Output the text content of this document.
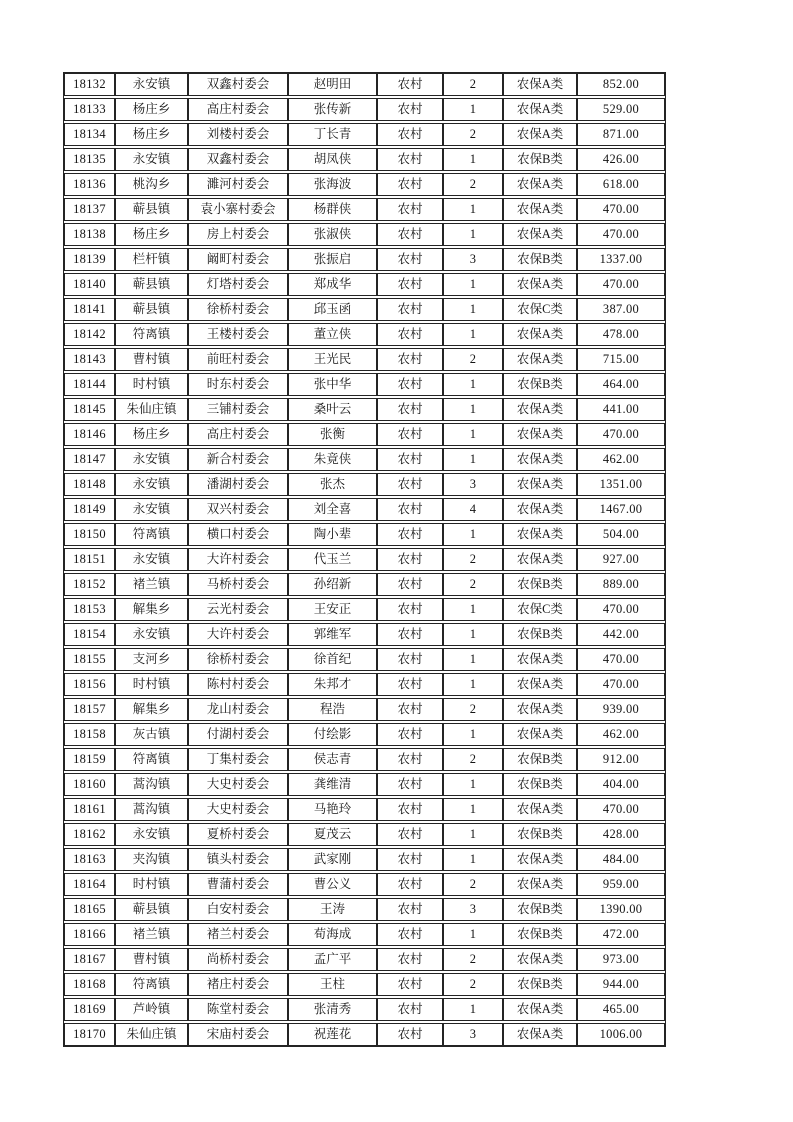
18132	永安镇	双鑫村委会	赵明田	农村	2	农保A类	852.00
18133	杨庄乡	高庄村委会	张传新	农村	1	农保A类	529.00
18134	杨庄乡	刘楼村委会	丁长青	农村	2	农保A类	871.00
18135	永安镇	双鑫村委会	胡凤侠	农村	1	农保B类	426.00
18136	桃沟乡	濉河村委会	张海波	农村	2	农保A类	618.00
18137	蕲县镇	袁小寨村委会	杨群侠	农村	1	农保A类	470.00
18138	杨庄乡	房上村委会	张淑侠	农村	1	农保A类	470.00
18139	栏杆镇	阚町村委会	张振启	农村	3	农保B类	1337.00
18140	蕲县镇	灯塔村委会	郑成华	农村	1	农保A类	470.00
18141	蕲县镇	徐桥村委会	邱玉函	农村	1	农保C类	387.00
18142	符离镇	王楼村委会	董立侠	农村	1	农保A类	478.00
18143	曹村镇	前旺村委会	王光民	农村	2	农保A类	715.00
18144	时村镇	时东村委会	张中华	农村	1	农保B类	464.00
18145	朱仙庄镇	三铺村委会	桑叶云	农村	1	农保A类	441.00
18146	杨庄乡	高庄村委会	张衡	农村	1	农保A类	470.00
18147	永安镇	新合村委会	朱竟侠	农村	1	农保A类	462.00
18148	永安镇	潘湖村委会	张杰	农村	3	农保A类	1351.00
18149	永安镇	双兴村委会	刘全喜	农村	4	农保A类	1467.00
18150	符离镇	横口村委会	陶小辈	农村	1	农保A类	504.00
18151	永安镇	大许村委会	代玉兰	农村	2	农保A类	927.00
18152	褚兰镇	马桥村委会	孙绍新	农村	2	农保B类	889.00
18153	解集乡	云光村委会	王安正	农村	1	农保C类	470.00
18154	永安镇	大许村委会	郭维军	农村	1	农保B类	442.00
18155	支河乡	徐桥村委会	徐首纪	农村	1	农保A类	470.00
18156	时村镇	陈村村委会	朱邦才	农村	1	农保A类	470.00
18157	解集乡	龙山村委会	程浩	农村	2	农保A类	939.00
18158	灰古镇	付湖村委会	付绘影	农村	1	农保A类	462.00
18159	符离镇	丁集村委会	侯志青	农村	2	农保B类	912.00
18160	蒿沟镇	大史村委会	龚维清	农村	1	农保B类	404.00
18161	蒿沟镇	大史村委会	马艳玲	农村	1	农保A类	470.00
18162	永安镇	夏桥村委会	夏茂云	农村	1	农保B类	428.00
18163	夹沟镇	镇头村委会	武家刚	农村	1	农保A类	484.00
18164	时村镇	曹蒲村委会	曹公义	农村	2	农保A类	959.00
18165	蕲县镇	白安村委会	王涛	农村	3	农保B类	1390.00
18166	褚兰镇	褚兰村委会	荀海成	农村	1	农保B类	472.00
18167	曹村镇	尚桥村委会	孟广平	农村	2	农保A类	973.00
18168	符离镇	褚庄村委会	王柱	农村	2	农保B类	944.00
18169	芦岭镇	陈堂村委会	张清秀	农村	1	农保A类	465.00
18170	朱仙庄镇	宋庙村委会	祝莲花	农村	3	农保A类	1006.00
